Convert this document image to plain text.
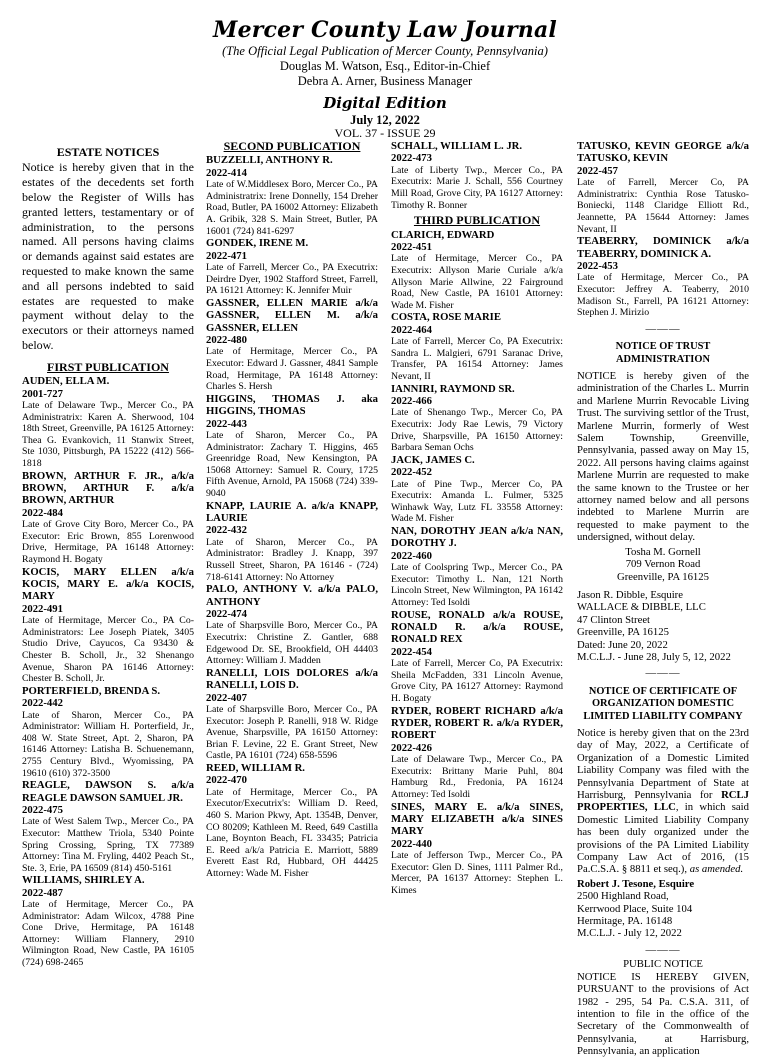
Mercer County Law Journal
(The Official Legal Publication of Mercer County, Pennsylvania)
Douglas M. Watson, Esq., Editor-in-Chief
Debra A. Arner, Business Manager
Digital Edition
July 12, 2022
VOL. 37 - ISSUE 29
ESTATE NOTICES

Notice is hereby given that in the estates of the decedents set forth below the Register of Wills has granted letters, testamentary or of administration, to the persons named. All persons having claims or demands against said estates are requested to make known the same and all persons indebted to said estates are requested to make payment without delay to the executors or their attorneys named below.

FIRST PUBLICATION
AUDEN, ELLA M.
2001-727
Late of Delaware Twp., Mercer Co., PA Administratrix: Karen A. Sherwood, 104 18th Street, Greenville, PA 16125 Attorney: Thea G. Evankovich, 11 Stanwix Street, Ste 1030, Pittsburgh, PA 15222 (412) 566-1818
BROWN, ARTHUR F. JR., a/k/a BROWN, ARTHUR F. a/k/a BROWN, ARTHUR
2022-484
Late of Grove City Boro, Mercer Co., PA Executor: Eric Brown, 855 Lorenwood Drive, Hermitage, PA 16148 Attorney: Raymond H. Bogaty
KOCIS, MARY ELLEN a/k/a KOCIS, MARY E. a/k/a KOCIS, MARY
2022-491
Late of Hermitage, Mercer Co., PA Co-Administrators: Lee Joseph Piatek, 3405 Studio Drive, Cayucos, Ca 93430 & Chester B. Scholl, Jr., 32 Shenango Avenue, Sharon PA 16146 Attorney: Chester B. Scholl, Jr.
PORTERFIELD, BRENDA S.
2022-442
Late of Sharon, Mercer Co., PA Administrator: William H. Porterfield, Jr., 408 W. State Street, Apt. 2, Sharon, PA 16146 Attorney: Latisha B. Schuenemann, 2755 Century Blvd., Wyomissing, PA 19610 (610) 372-3500
REAGLE, DAWSON S. a/k/a REAGLE DAWSON SAMUEL JR.
2022-475
Late of West Salem Twp., Mercer Co., PA Executor: Matthew Triola, 5340 Pointe Spring Crossing, Spring, TX 77389 Attorney: Tina M. Fryling, 4402 Peach St., Ste. 3, Erie, PA 16509 (814) 450-5161
WILLIAMS, SHIRLEY A.
2022-487
Late of Hermitage, Mercer Co., PA Administrator: Adam Wilcox, 4788 Pine Cone Drive, Hermitage, PA 16148 Attorney: William Flannery, 2910 Wilmington Road, New Castle, PA 16105 (724) 698-2465
SECOND PUBLICATION
BUZZELLI, ANTHONY R.
2022-414
Late of W.Middlesex Boro, Mercer Co., PA Administratrix: Irene Donnelly, 154 Dreher Road, Butler, PA 16002 Attorney: Elizabeth A. Gribik, 328 S. Main Street, Butler, PA 16001 (724) 841-6297
GONDEK, IRENE M.
2022-471
Late of Farrell, Mercer Co., PA Executrix: Deirdre Dyer, 1902 Stafford Street, Farrell, PA 16121 Attorney: K. Jennifer Muir
GASSNER, ELLEN MARIE a/k/a GASSNER, ELLEN M. a/k/a GASSNER, ELLEN
2022-480
Late of Hermitage, Mercer Co., PA Executor: Edward J. Gassner, 4841 Sample Road, Hermitage, PA 16148 Attorney: Charles S. Hersh
HIGGINS, THOMAS J. aka HIGGINS, THOMAS
2022-443
Late of Sharon, Mercer Co., PA Administrator: Zachary T. Higgins, 465 Greenridge Road, New Kensington, PA 15068 Attorney: Samuel R. Coury, 1725 Fifth Avenue, Arnold, PA 15068 (724) 339-9040
KNAPP, LAURIE A. a/k/a KNAPP, LAURIE
2022-432
Late of Sharon, Mercer Co., PA Administrator: Bradley J. Knapp, 397 Russell Street, Sharon, PA 16146 - (724) 718-6141 Attorney: No Attorney
PALO, ANTHONY V. a/k/a PALO, ANTHONY
2022-474
Late of Sharpsville Boro, Mercer Co., PA Executrix: Christine Z. Gantler, 688 Edgewood Dr. SE, Brookfield, OH 44403 Attorney: William J. Madden
RANELLI, LOIS DOLORES a/k/a RANELLI, LOIS D.
2022-407
Late of Sharpsville Boro, Mercer Co., PA Executor: Joseph P. Ranelli, 918 W. Ridge Avenue, Sharpsville, PA 16150 Attorney: Brian F. Levine, 22 E. Grant Street, New Castle, PA 16101 (724) 658-5596
REED, WILLIAM R.
2022-470
Late of Hermitage, Mercer Co., PA Executor/Executrix's: William D. Reed, 460 S. Marion Pkwy, Apt. 1354B, Denver, CO 80209; Kathleen M. Reed, 649 Castilla Lane, Boynton Beach, FL 33435; Patricia E. Reed a/k/a Patricia E. Marriott, 5889 Everett East Rd, Hubbard, OH 44425 Attorney: Wade M. Fisher
SCHALL, WILLIAM L. JR.
2022-473
Late of Liberty Twp., Mercer Co., PA Executrix: Marie J. Schall, 556 Courtney Mill Road, Grove City, PA 16127 Attorney: Timothy R. Bonner
THIRD PUBLICATION
CLARICH, EDWARD
2022-451
Late of Hermitage, Mercer Co., PA Executrix: Allyson Marie Curiale a/k/a Allyson Marie Allwine, 22 Fairground Road, New Castle, PA 16101 Attorney: Wade M. Fisher
COSTA, ROSE MARIE
2022-464
Late of Farrell, Mercer Co, PA Executrix: Sandra L. Malgieri, 6791 Saranac Drive, Transfer, PA 16154 Attorney: James Nevant, II
IANNIRI, RAYMOND SR.
2022-466
Late of Shenango Twp., Mercer Co, PA Executrix: Jody Rae Lewis, 79 Victory Drive, Sharpsville, PA 16150 Attorney: Barbara Seman Ochs
JACK, JAMES C.
2022-452
Late of Pine Twp., Mercer Co, PA Executrix: Amanda L. Fulmer, 5325 Winhawk Way, Lutz FL 33558 Attorney: Wade M. Fisher
NAN, DOROTHY JEAN a/k/a NAN, DOROTHY J.
2022-460
Late of Coolspring Twp., Mercer Co., PA Executor: Timothy L. Nan, 121 North Lincoln Street, New Wilmington, PA 16142 Attorney: Ted Isoldi
ROUSE, RONALD a/k/a ROUSE, RONALD R. a/k/a ROUSE, RONALD REX
2022-454
Late of Farrell, Mercer Co, PA Executrix: Sheila McFadden, 331 Lincoln Avenue, Grove City, PA 16127 Attorney: Raymond H. Bogaty
RYDER, ROBERT RICHARD a/k/a RYDER, ROBERT R. a/k/a RYDER, ROBERT
2022-426
Late of Delaware Twp., Mercer Co., PA Executrix: Brittany Marie Puhl, 804 Hamburg Rd., Fredonia, PA 16124 Attorney: Ted Isoldi
SINES, MARY E. a/k/a SINES, MARY ELIZABETH a/k/a SINES MARY
2022-440
Late of Jefferson Twp., Mercer Co., PA Executor: Glen D. Sines, 1111 Palmer Rd., Mercer, PA 16137 Attorney: Stephen L. Kimes
TATUSKO, KEVIN GEORGE a/k/a TATUSKO, KEVIN
2022-457
Late of Farrell, Mercer Co, PA Administratrix: Cynthia Rose Tatusko-Boniecki, 1148 Claridge Elliott Rd., Jeannette, PA 15644 Attorney: James Nevant, II
TEABERRY, DOMINICK a/k/a TEABERRY, DOMINICK A.
2022-453
Late of Hermitage, Mercer Co., PA Executor: Jeffrey A. Teaberry, 2010 Madison St., Farrell, PA 16121 Attorney: Stephen J. Mirizio
———
NOTICE OF TRUST ADMINISTRATION

NOTICE is hereby given of the administration of the Charles L. Murrin and Marlene Murrin Revocable Living Trust. The surviving settlor of the Trust, Marlene Murrin, formerly of West Salem Township, Greenville, Pennsylvania, passed away on May 15, 2022. All persons having claims against Marlene Murrin are requested to make the same known to the Trustee or her attorney named below and all persons indebted to Marlene Murrin are requested to make payment to the undersigned, without delay.

Tosha M. Gornell

709 Vernon Road

Greenville, PA 16125

Jason R. Dibble, Esquire

WALLACE & DIBBLE, LLC

47 Clinton Street

Greenville, PA 16125

Dated: June 20, 2022

M.C.L.J. - June 28, July 5, 12, 2022

———
NOTICE OF CERTIFICATE OF ORGANIZATION DOMESTIC LIMITED LIABILITY COMPANY

Notice is hereby given that on the 23rd day of May, 2022, a Certificate of Organization of a Domestic Limited Liability Company was filed with the Pennsylvania Department of State at Harrisburg, Pennsylvania for RCLJ PROPERTIES, LLC, in which said Domestic Limited Liability Company has been duly organized under the provisions of the PA Limited Liability Company Law Act of 2016, (15 Pa.C.S.A. § 8811 et seq.), as amended.

Robert J. Tesone, Esquire

2500 Highland Road,

Kerrwood Place, Suite 104

Hermitage, PA. 16148

M.C.L.J. - July 12, 2022

———

PUBLIC NOTICE

NOTICE IS HEREBY GIVEN, PURSUANT to the provisions of Act 1982 - 295, 54 Pa. C.S.A. 311, of intention to file in the office of the Secretary of the Commonwealth of Pennsylvania, at Harrisburg, Pennsylvania, an application
